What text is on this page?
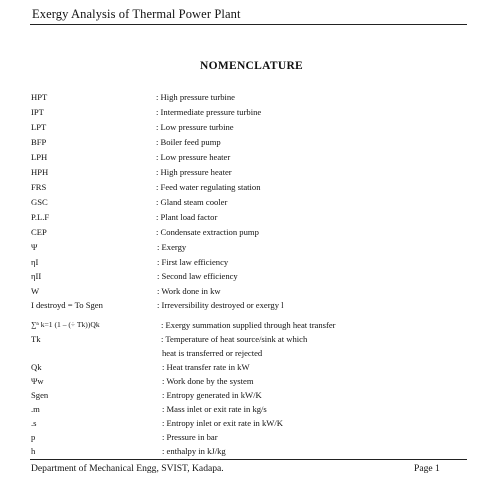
Exergy Analysis of Thermal Power Plant
NOMENCLATURE
HPT	: High pressure turbine
IPT	: Intermediate pressure turbine
LPT	: Low pressure turbine
BFP	: Boiler feed pump
LPH	: Low pressure heater
HPH	: High pressure heater
FRS	: Feed water regulating station
GSC	: Gland steam cooler
P.L.F	: Plant load factor
CEP	: Condensate extraction pump
Ψ	: Exergy
ηI	: First law efficiency
ηII	: Second law efficiency
W	: Work done in kw
I destroyd = To Sgen	: Irreversibility destroyed or exergy l
∑ⁿ k=1 (1 – (÷ Tk))Qk	: Exergy summation supplied through heat transfer
Tk	: Temperature of heat source/sink at which
heat is transferred or rejected
Qk	: Heat transfer rate in kW
Ψw	: Work done by the system
Sgen	: Entropy generated in kW/K
.m	: Mass inlet or exit rate in kg/s
.s	: Entropy inlet or exit rate in kW/K
p	: Pressure in bar
h	: enthalpy in kJ/kg
Department of Mechanical Engg, SVIST, Kadapa.	Page 1
